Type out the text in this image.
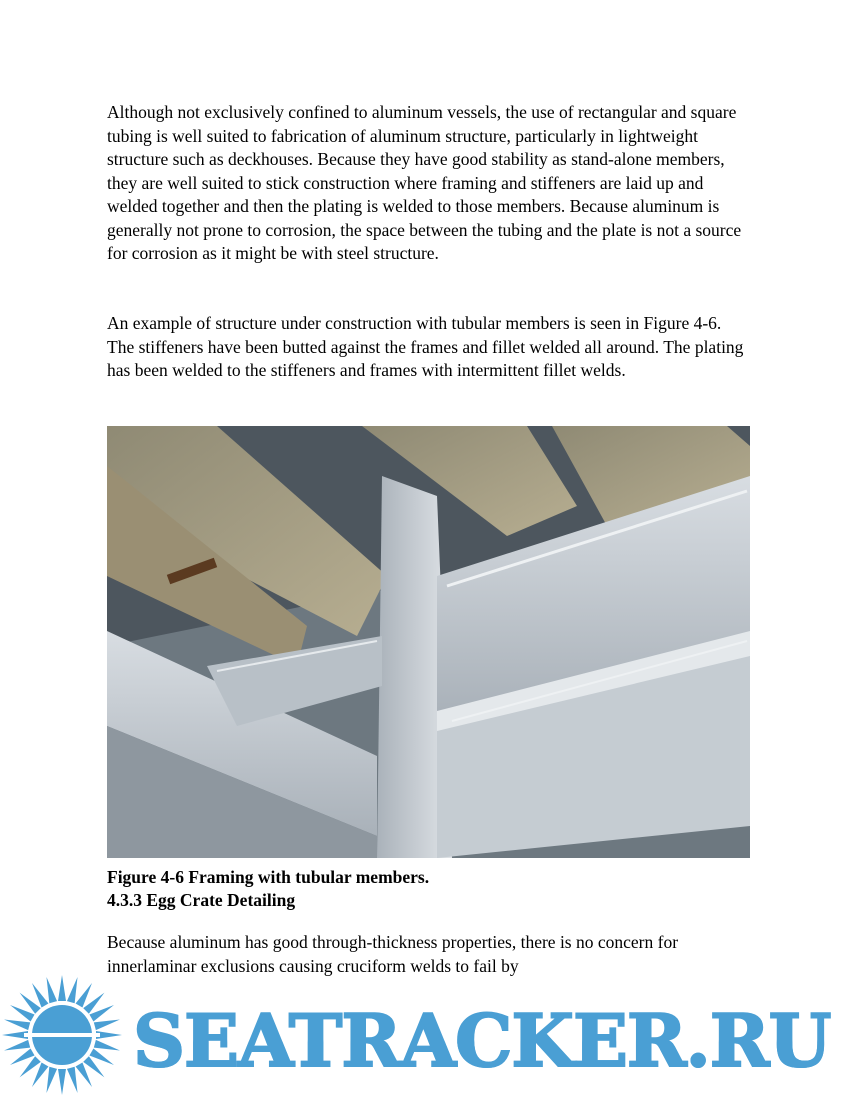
Although not exclusively confined to aluminum vessels, the use of rectangular and square tubing is well suited to fabrication of aluminum structure, particularly in lightweight structure such as deckhouses. Because they have good stability as stand-alone members, they are well suited to stick construction where framing and stiffeners are laid up and welded together and then the plating is welded to those members. Because aluminum is generally not prone to corrosion, the space between the tubing and the plate is not a source for corrosion as it might be with steel structure.
An example of structure under construction with tubular members is seen in Figure 4-6. The stiffeners have been butted against the frames and fillet welded all around. The plating has been welded to the stiffeners and frames with intermittent fillet welds.
Figure 4-6 Framing with tubular members.
4.3.3 Egg Crate Detailing
Because aluminum has good through-thickness properties, there is no concern for innerlaminar exclusions causing cruciform welds to fail by
SEATRACKER.RU
